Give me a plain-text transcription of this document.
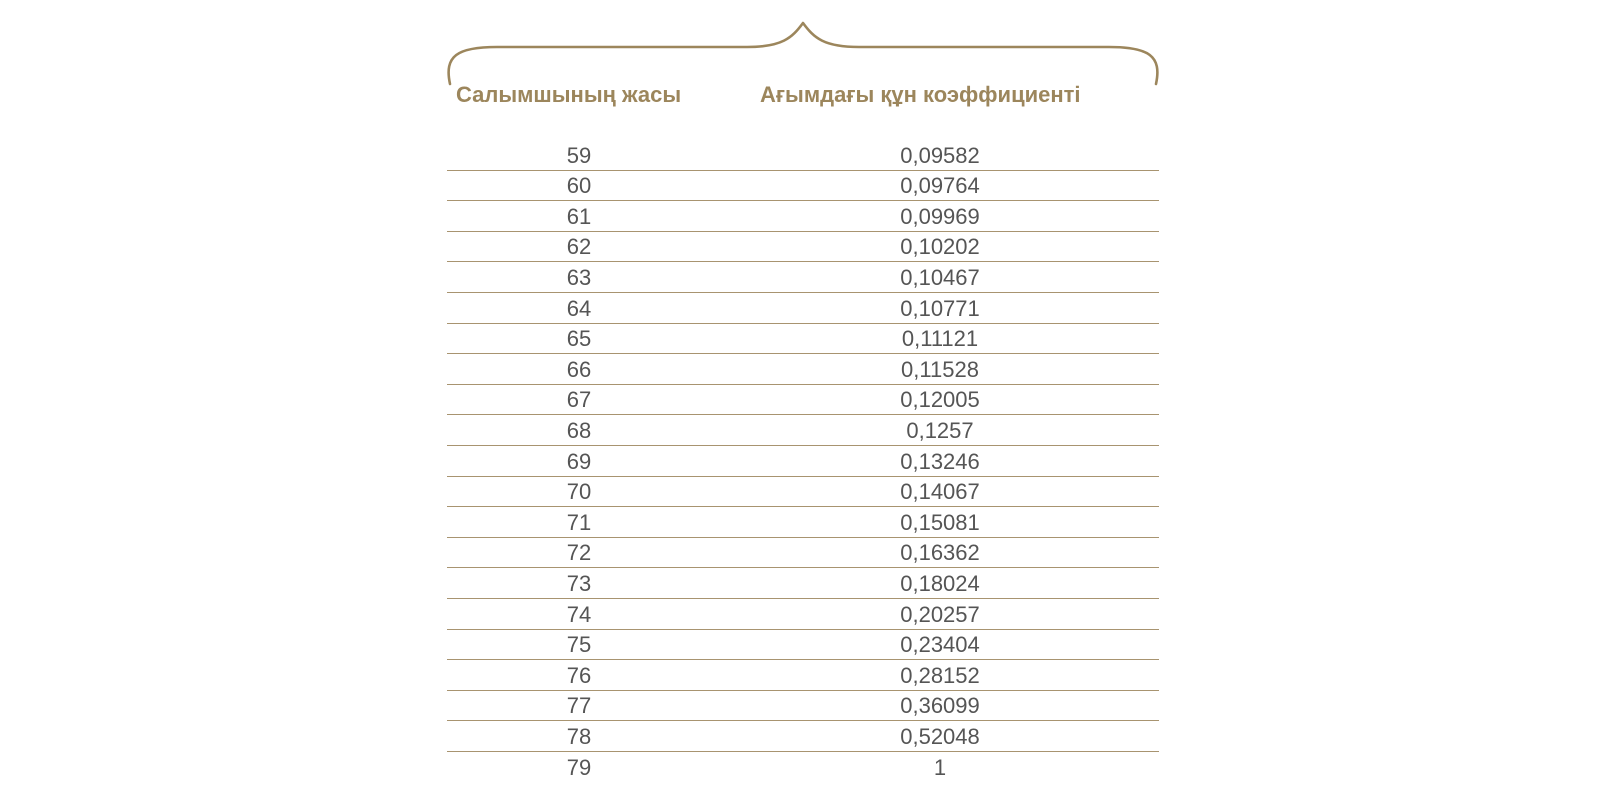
Салымшының жасы	Ағымдағы құн коэффициенті
59	0,09582
60	0,09764
61	0,09969
62	0,10202
63	0,10467
64	0,10771
65	0,11121
66	0,11528
67	0,12005
68	0,1257
69	0,13246
70	0,14067
71	0,15081
72	0,16362
73	0,18024
74	0,20257
75	0,23404
76	0,28152
77	0,36099
78	0,52048
79	1
